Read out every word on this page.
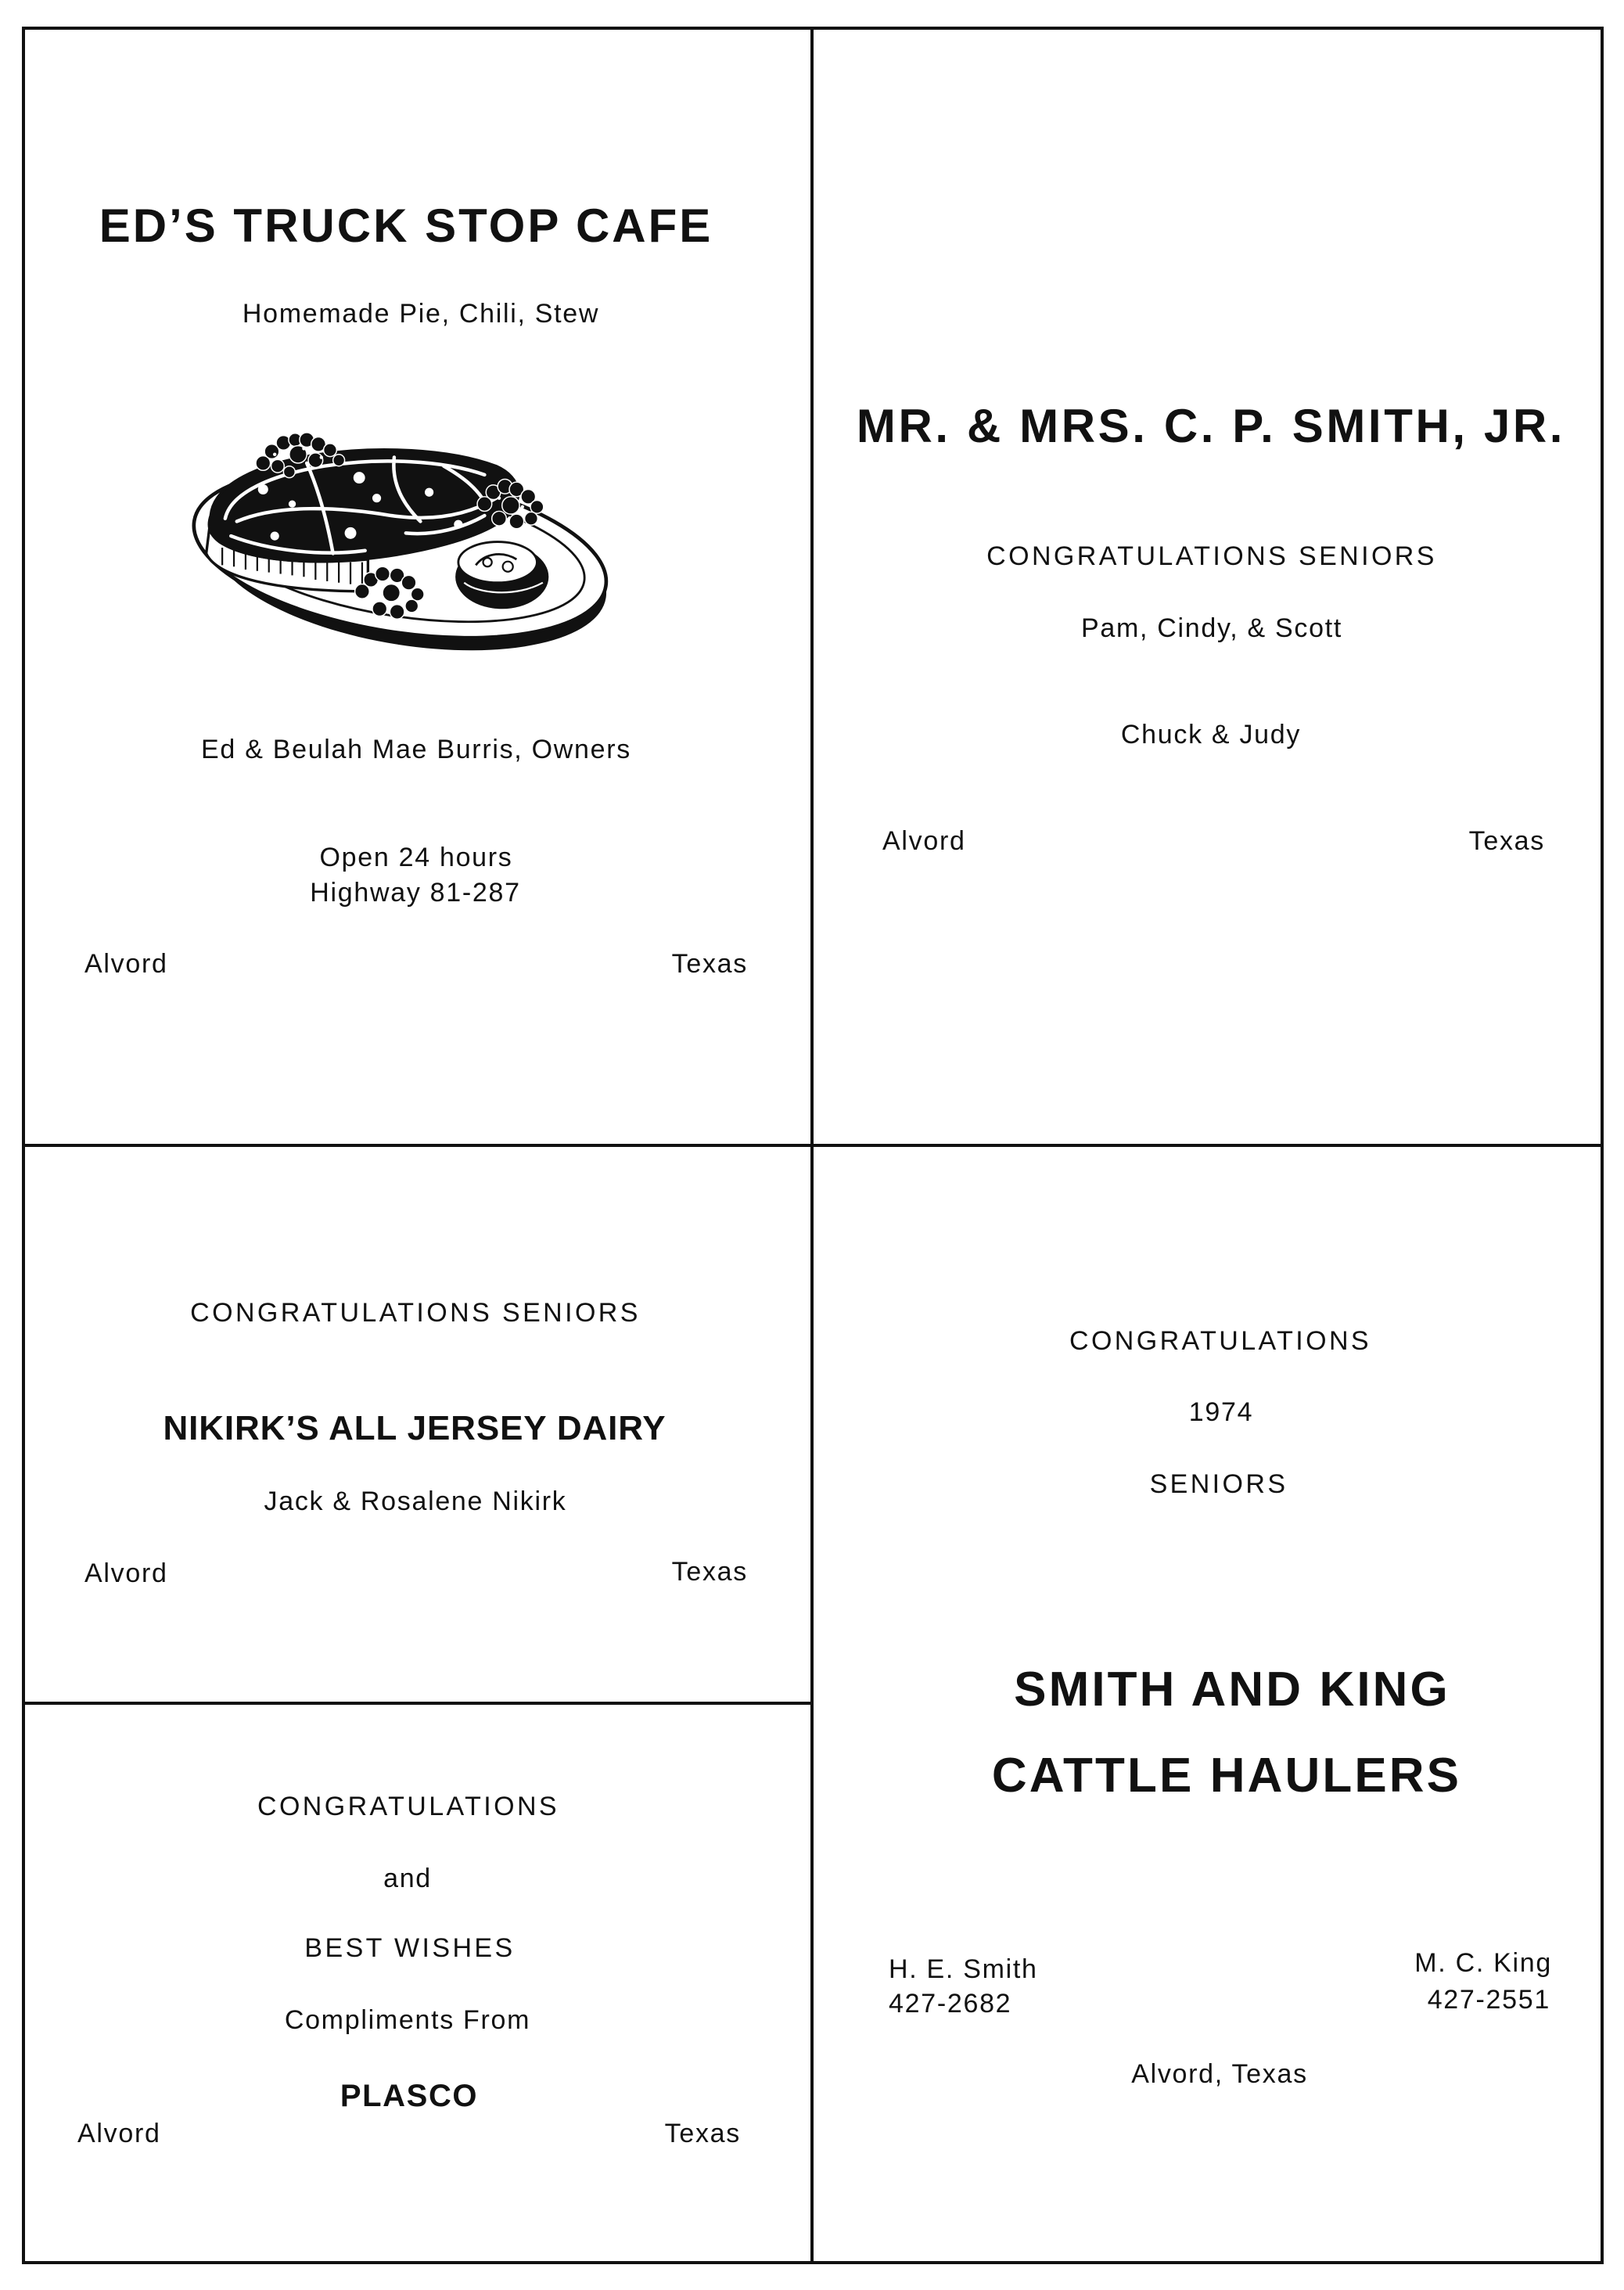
ED’S TRUCK STOP CAFE

Homemade Pie, Chili, Stew

Ed & Beulah Mae Burris, Owners

Open 24 hours

Highway 81-287

Alvord	Texas

MR. & MRS. C. P. SMITH, JR.

CONGRATULATIONS SENIORS

Pam, Cindy, & Scott

Chuck & Judy

Alvord	Texas

CONGRATULATIONS SENIORS

NIKIRK’S ALL JERSEY DAIRY

Jack & Rosalene Nikirk

Alvord	Texas

CONGRATULATIONS

and

BEST WISHES

Compliments From

PLASCO

Alvord	Texas

CONGRATULATIONS

1974

SENIORS

SMITH AND KING
CATTLE HAULERS

H. E. Smith

427-2682

M. C. King

427-2551

Alvord, Texas
